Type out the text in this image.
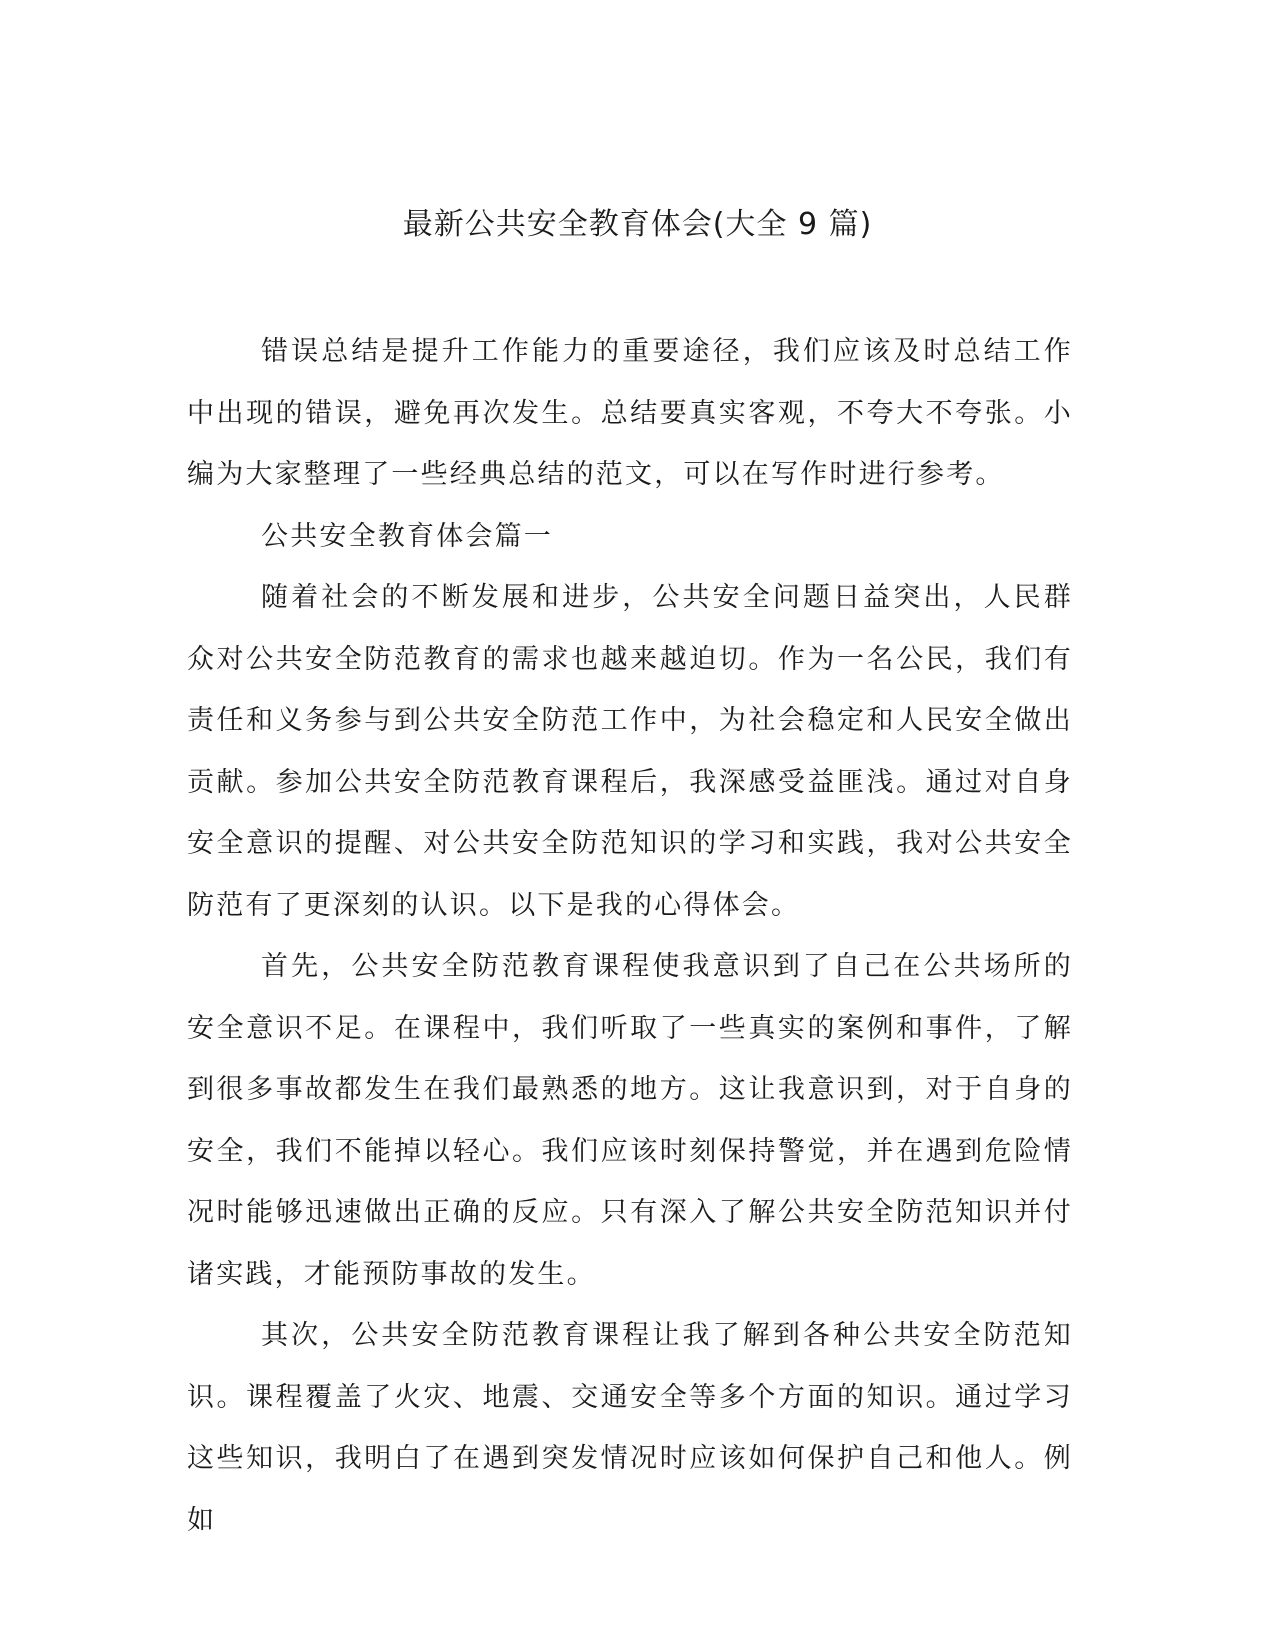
最新公共安全教育体会(大全 9 篇)

错误总结是提升工作能力的重要途径，我们应该及时总结工作中出现的错误，避免再次发生。总结要真实客观，不夸大不夸张。小编为大家整理了一些经典总结的范文，可以在写作时进行参考。

公共安全教育体会篇一

随着社会的不断发展和进步，公共安全问题日益突出，人民群众对公共安全防范教育的需求也越来越迫切。作为一名公民，我们有责任和义务参与到公共安全防范工作中，为社会稳定和人民安全做出贡献。参加公共安全防范教育课程后，我深感受益匪浅。通过对自身安全意识的提醒、对公共安全防范知识的学习和实践，我对公共安全防范有了更深刻的认识。以下是我的心得体会。

首先，公共安全防范教育课程使我意识到了自己在公共场所的安全意识不足。在课程中，我们听取了一些真实的案例和事件，了解到很多事故都发生在我们最熟悉的地方。这让我意识到，对于自身的安全，我们不能掉以轻心。我们应该时刻保持警觉，并在遇到危险情况时能够迅速做出正确的反应。只有深入了解公共安全防范知识并付诸实践，才能预防事故的发生。

其次，公共安全防范教育课程让我了解到各种公共安全防范知识。课程覆盖了火灾、地震、交通安全等多个方面的知识。通过学习这些知识，我明白了在遇到突发情况时应该如何保护自己和他人。例如
